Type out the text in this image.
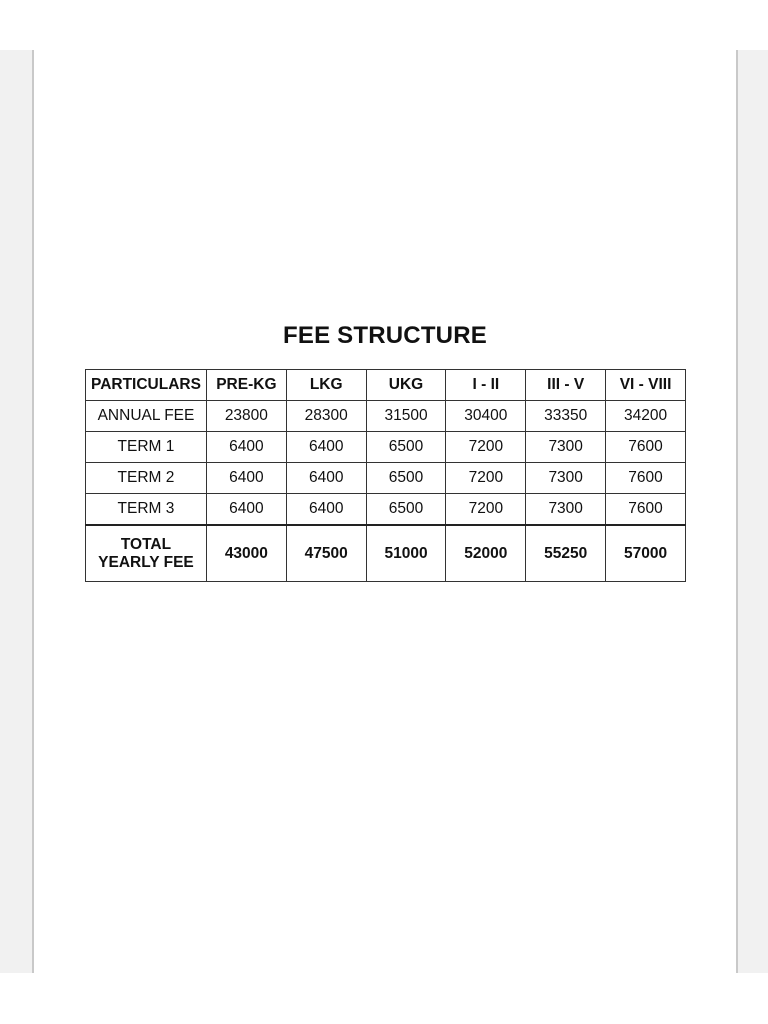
FEE STRUCTURE
PARTICULARS	PRE-KG	LKG	UKG	I - II	III - V	VI - VIII
ANNUAL FEE	23800	28300	31500	30400	33350	34200
TERM 1	6400	6400	6500	7200	7300	7600
TERM 2	6400	6400	6500	7200	7300	7600
TERM 3	6400	6400	6500	7200	7300	7600

TOTAL
YEARLY FEE	43000	47500	51000	52000	55250	57000
